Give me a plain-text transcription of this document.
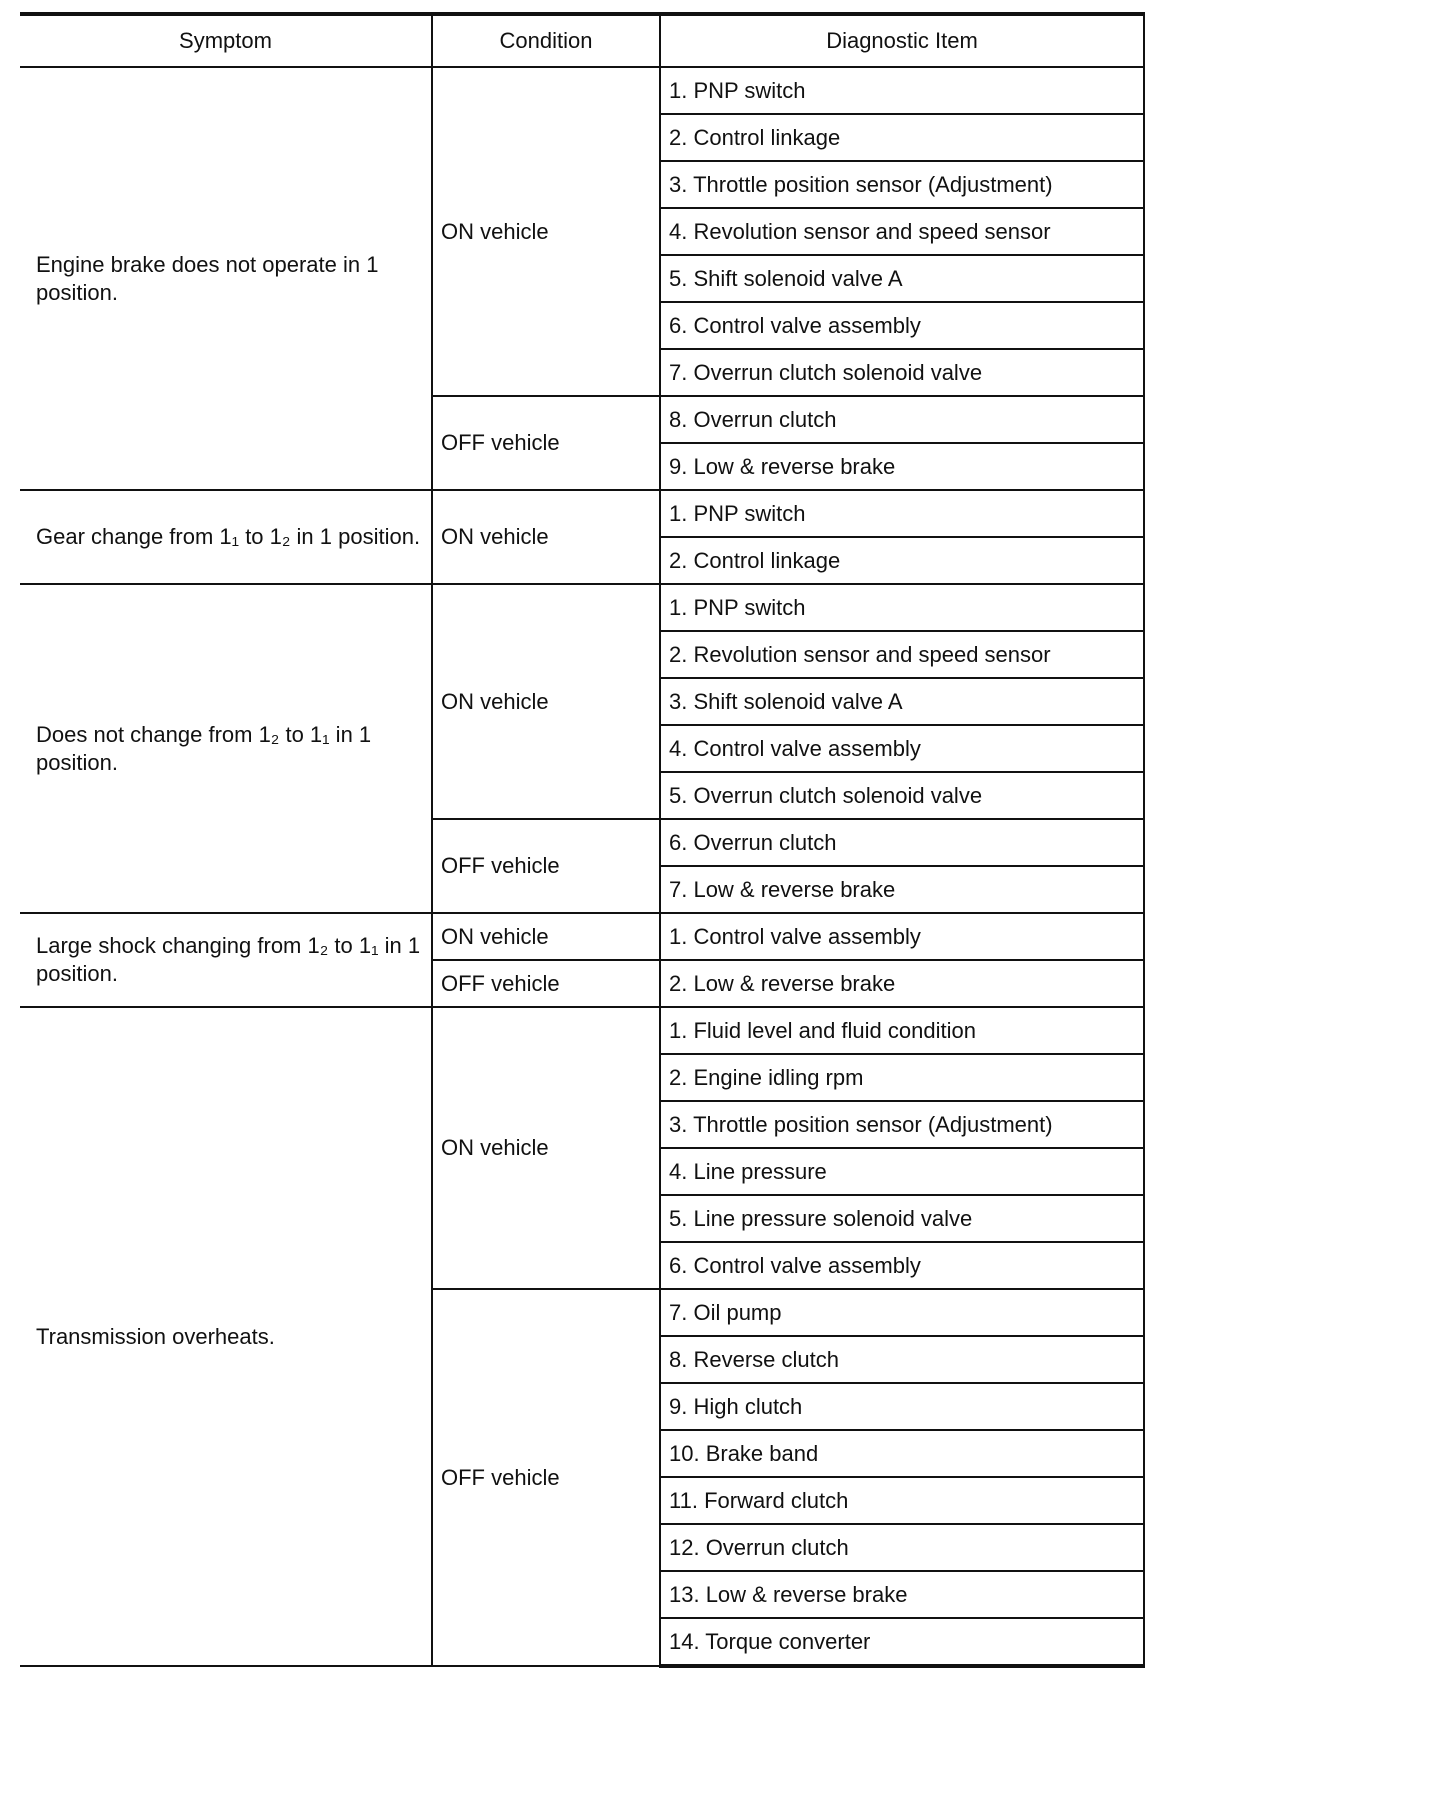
Symptom	Condition	Diagnostic Item
Engine brake does not operate in 1 position.	ON vehicle	1. PNP switch
		2. Control linkage
		3. Throttle position sensor (Adjustment)
		4. Revolution sensor and speed sensor
		5. Shift solenoid valve A
		6. Control valve assembly
		7. Overrun clutch solenoid valve
	OFF vehicle	8. Overrun clutch
		9. Low & reverse brake
Gear change from 1₁ to 1₂ in 1 position.	ON vehicle	1. PNP switch
		2. Control linkage
Does not change from 1₂ to 1₁ in 1 position.	ON vehicle	1. PNP switch
		2. Revolution sensor and speed sensor
		3. Shift solenoid valve A
		4. Control valve assembly
		5. Overrun clutch solenoid valve
	OFF vehicle	6. Overrun clutch
		7. Low & reverse brake
Large shock changing from 1₂ to 1₁ in 1 position.	ON vehicle	1. Control valve assembly
	OFF vehicle	2. Low & reverse brake
Transmission overheats.	ON vehicle	1. Fluid level and fluid condition
		2. Engine idling rpm
		3. Throttle position sensor (Adjustment)
		4. Line pressure
		5. Line pressure solenoid valve
		6. Control valve assembly
	OFF vehicle	7. Oil pump
		8. Reverse clutch
		9. High clutch
		10. Brake band
		11. Forward clutch
		12. Overrun clutch
		13. Low & reverse brake
		14. Torque converter
